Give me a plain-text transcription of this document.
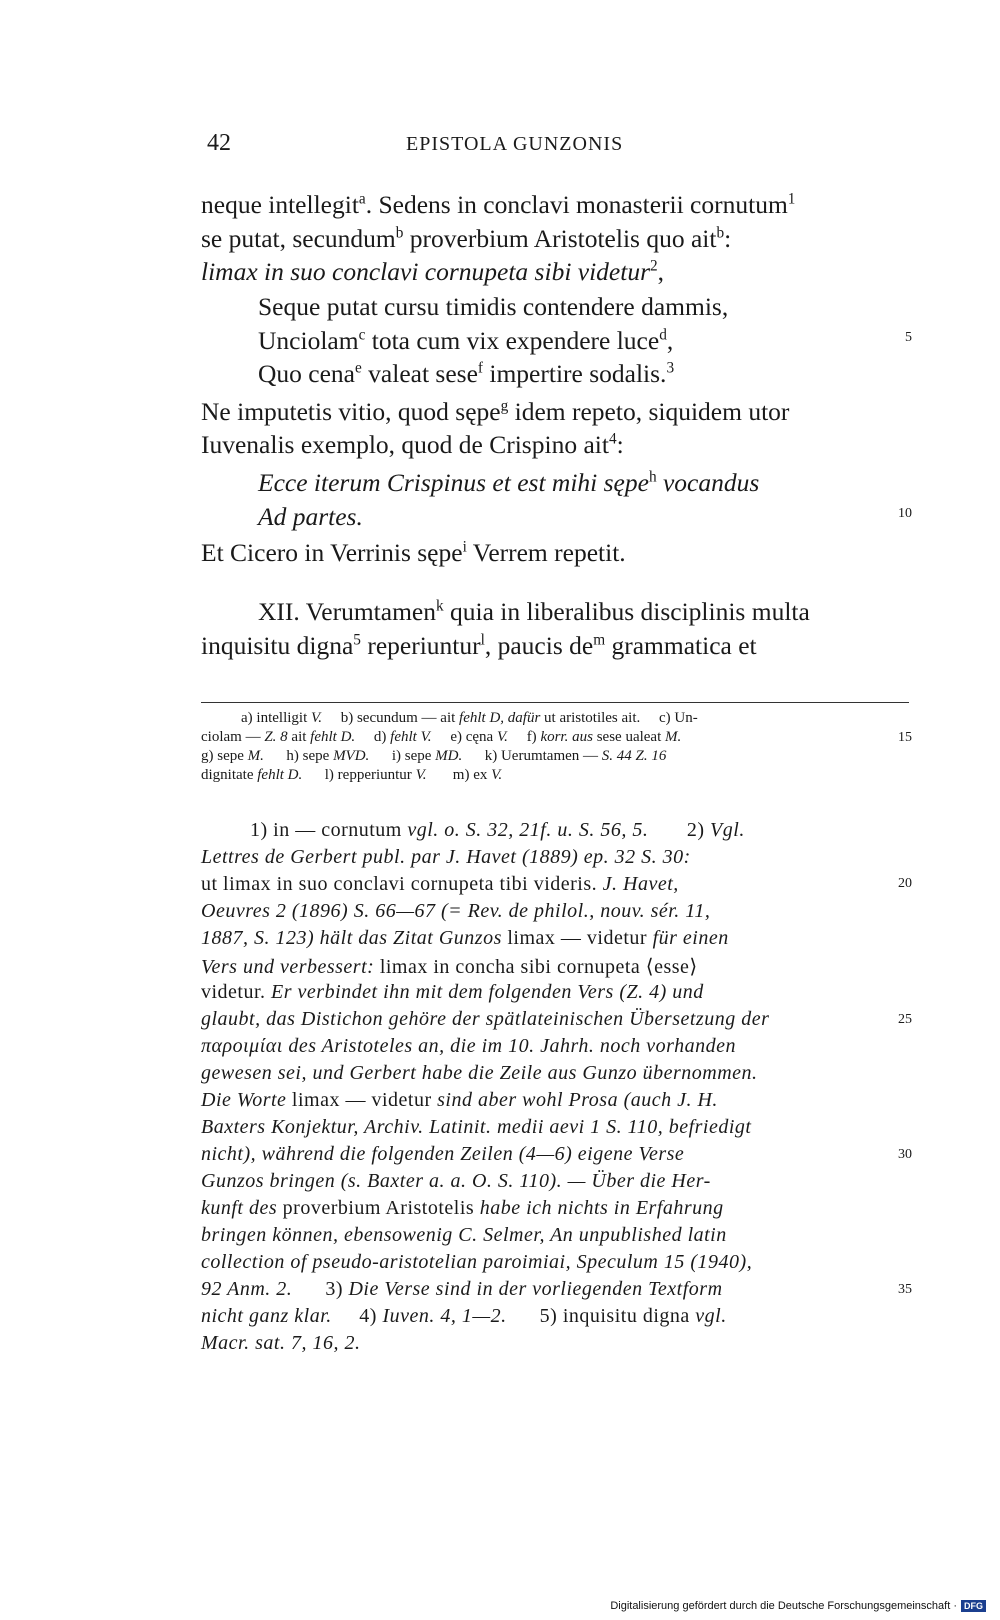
42	EPISTOLA GUNZONIS
neque intellegit$^a$. Sedens in conclavi monasterii cornutum$^1$
se putat, secundum$^b$ proverbium Aristotelis quo ait$^b$:
limax in suo conclavi cornupeta sibi videtur$^2$,
Seque putat cursu timidis contendere dammis,
Unciolam$^c$ tota cum vix expendere luce$^d$,
Quo cena$^e$ valeat sese$^f$ impertire sodalis.$^3$
Ne imputetis vitio, quod sępe$^g$ idem repeto, siquidem utor
Iuvenalis exemplo, quod de Crispino ait$^4$:
Ecce iterum Crispinus et est mihi sępe$^h$ vocandus
Ad partes.
Et Cicero in Verrinis sępe$^i$ Verrem repetit.
XII. Verumtamen$^k$ quia in liberalibus disciplinis multa
inquisitu digna$^5$ reperiuntur$^l$, paucis $de^m$ grammatica et
5
10
15
20
25
30
35
a) intelligit V.     b) secundum — ait fehlt D, dafür ut aristotiles ait.     c) Un-
ciolam — Z. 8 ait fehlt D.     d) fehlt V.     e) cęna V.     f) korr. aus sese ualeat M.
g) sepe M.      h) sepe MVD.      i) sepe MD.      k) Uerumtamen — S. 44 Z. 16
dignitate fehlt D.      l) repperiuntur V.       m) ex V.
1) in — cornutum vgl. o. S. 32, 21f. u. S. 56, 5.       2) Vgl.
Lettres de Gerbert publ. par J. Havet (1889) ep. 32 S. 30:
ut limax in suo conclavi cornupeta tibi videris. J. Havet,
Oeuvres 2 (1896) S. 66—67 (= Rev. de philol., nouv. sér. 11,
1887, S. 123) hält das Zitat Gunzos limax — videtur für einen
Vers und verbessert: limax in concha sibi cornupeta ⟨esse⟩
videtur. Er verbindet ihn mit dem folgenden Vers (Z. 4) und
glaubt, das Distichon gehöre der spätlateinischen Übersetzung der
παροιμίαι des Aristoteles an, die im 10. Jahrh. noch vorhanden
gewesen sei, und Gerbert habe die Zeile aus Gunzo übernommen.
Die Worte limax — videtur sind aber wohl Prosa (auch J. H.
Baxters Konjektur, Archiv. Latinit. medii aevi 1 S. 110, befriedigt
nicht), während die folgenden Zeilen (4—6) eigene Verse
Gunzos bringen (s. Baxter a. a. O. S. 110). — Über die Her-
kunft des proverbium Aristotelis habe ich nichts in Erfahrung
bringen können, ebensowenig C. Selmer, An unpublished latin
collection of pseudo-aristotelian paroimiai, Speculum 15 (1940),
92 Anm. 2.      3) Die Verse sind in der vorliegenden Textform
nicht ganz klar.     4) Iuven. 4, 1—2.      5) inquisitu digna vgl.
Macr. sat. 7, 16, 2.
Digitalisierung gefördert durch die Deutsche Forschungsgemeinschaft · DFG
